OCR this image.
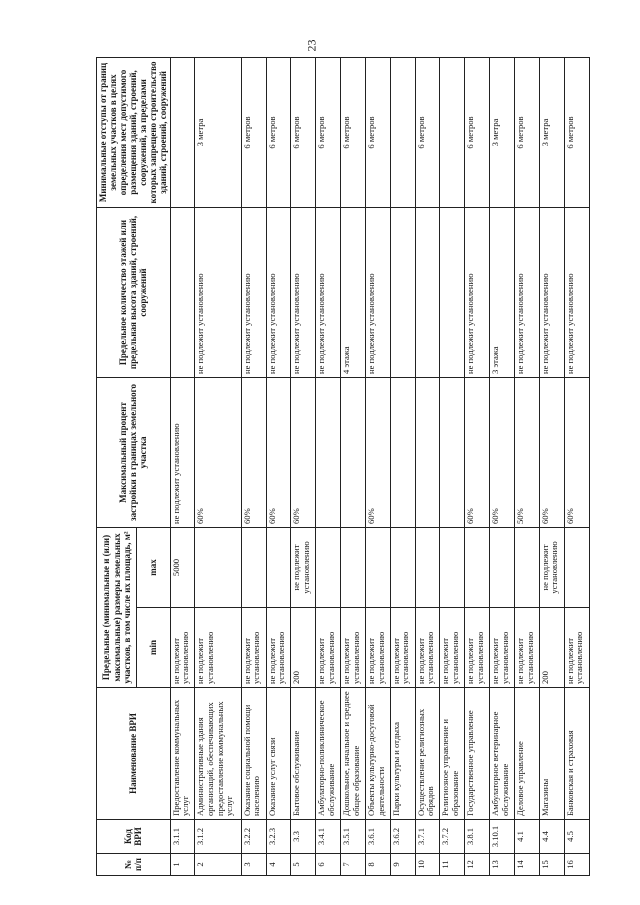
23
№ п/п	Код ВРИ	Наименование ВРИ	Предельные (минимальные и (или) максимальные) размеры земельных участков, в том числе их площадь, м²		Максимальный процент застройки в границах земельного участка	Предельное количество этажей или предельная высота зданий, строений, сооружений	Минимальные отступы от границ земельных участков в целях определения мест допустимого размещения зданий, строений, сооружений, за пределами которых запрещено строительство зданий, строений, сооружений
			min	max			
1	3.1.1	Предоставление коммунальных услуг	не подлежит установлению	5000	не подлежит установлению		
2	3.1.2	Административные здания организаций, обеспечивающих предоставление коммунальных услуг	не подлежит установлению		60%	не подлежит установлению	3 метра
3	3.2.2	Оказание социальной помощи населению	не подлежит установлению		60%	не подлежит установлению	6 метров
4	3.2.3	Оказание услуг связи	не подлежит установлению		60%	не подлежит установлению	6 метров
5	3.3	Бытовое обслуживание	200	не подлежит установлению	60%	не подлежит установлению	6 метров
6	3.4.1	Амбулаторно-поликлиническое обслуживание	не подлежит установлению			не подлежит установлению	6 метров
7	3.5.1	Дошкольное, начальное и среднее общее образование	не подлежит установлению			4 этажа	6 метров
8	3.6.1	Объекты культурно-досуговой деятельности	не подлежит установлению		60%	не подлежит установлению	6 метров
9	3.6.2	Парки культуры и отдыха	не подлежит установлению				
10	3.7.1	Осуществление религиозных обрядов	не подлежит установлению				6 метров
11	3.7.2	Религиозное управление и образование	не подлежит установлению				
12	3.8.1	Государственное управление	не подлежит установлению		60%	не подлежит установлению	6 метров
13	3.10.1	Амбулаторное ветеринарное обслуживание	не подлежит установлению		60%	3 этажа	3 метра
14	4.1	Деловое управление	не подлежит установлению		50%	не подлежит установлению	6 метров
15	4.4	Магазины	200	не подлежит установлению	60%	не подлежит установлению	3 метра
16	4.5	Банковская и страховая	не подлежит установлению		60%	не подлежит установлению	6 метров
